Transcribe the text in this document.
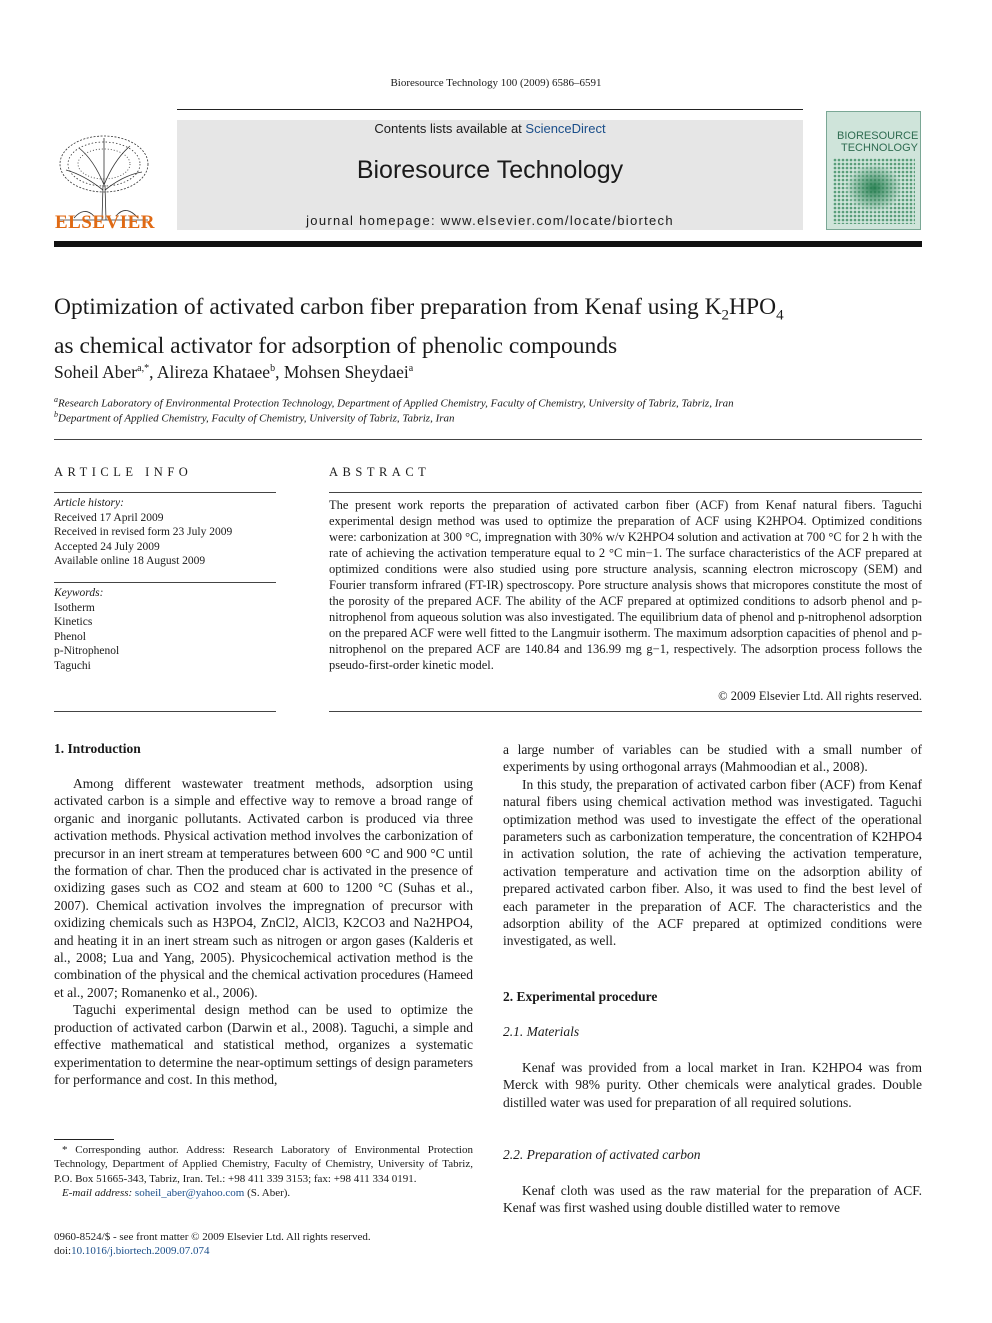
Bioresource Technology 100 (2009) 6586–6591
ELSEVIER
Contents lists available at ScienceDirect
Bioresource Technology
journal homepage: www.elsevier.com/locate/biortech
BIORESOURCE
TECHNOLOGY
Optimization of activated carbon fiber preparation from Kenaf using $K_2HPO_4$
as chemical activator for adsorption of phenolic compounds
Soheil Aber$^{a,*}$, Alireza Khataee$^b$, Mohsen Sheydaei$^a$
$^a$Research Laboratory of Environmental Protection Technology, Department of Applied Chemistry, Faculty of Chemistry, University of Tabriz, Tabriz, Iran
$^b$Department of Applied Chemistry, Faculty of Chemistry, University of Tabriz, Tabriz, Iran
ARTICLE INFO	ABSTRACT
Article history:
Received 17 April 2009
Received in revised form 23 July 2009
Accepted 24 July 2009
Available online 18 August 2009
Keywords:
Isotherm
Kinetics
Phenol
p-Nitrophenol
Taguchi
The present work reports the preparation of activated carbon fiber (ACF) from Kenaf natural fibers. Taguchi experimental design method was used to optimize the preparation of ACF using K2HPO4. Optimized conditions were: carbonization at 300 °C, impregnation with 30% w/v K2HPO4 solution and activation at 700 °C for 2 h with the rate of achieving the activation temperature equal to 2 °C min−1. The surface characteristics of the ACF prepared at optimized conditions were also studied using pore structure analysis, scanning electron microscopy (SEM) and Fourier transform infrared (FT-IR) spectroscopy. Pore structure analysis shows that micropores constitute the most of the porosity of the prepared ACF. The ability of the ACF prepared at optimized conditions to adsorb phenol and p-nitrophenol from aqueous solution was also investigated. The equilibrium data of phenol and p-nitrophenol adsorption on the prepared ACF were well fitted to the Langmuir isotherm. The maximum adsorption capacities of phenol and p-nitrophenol on the prepared ACF are 140.84 and 136.99 mg g−1, respectively. The adsorption process follows the pseudo-first-order kinetic model.
© 2009 Elsevier Ltd. All rights reserved.
1. Introduction

Among different wastewater treatment methods, adsorption using activated carbon is a simple and effective way to remove a broad range of organic and inorganic pollutants. Activated carbon is produced via three activation methods. Physical activation method involves the carbonization of precursor in an inert stream at temperatures between 600 °C and 900 °C until the formation of char. Then the produced char is activated in the presence of oxidizing gases such as CO2 and steam at 600 to 1200 °C (Suhas et al., 2007). Chemical activation involves the impregnation of precursor with oxidizing chemicals such as H3PO4, ZnCl2, AlCl3, K2CO3 and Na2HPO4, and heating it in an inert stream such as nitrogen or argon gases (Kalderis et al., 2008; Lua and Yang, 2005). Physicochemical activation method is the combination of the physical and the chemical activation procedures (Hameed et al., 2007; Romanenko et al., 2006).

Taguchi experimental design method can be used to optimize the production of activated carbon (Darwin et al., 2008). Taguchi, a simple and effective mathematical and statistical method, organizes a systematic experimentation to determine the near-optimum settings of design parameters for performance and cost. In this method,

a large number of variables can be studied with a small number of experiments by using orthogonal arrays (Mahmoodian et al., 2008).

In this study, the preparation of activated carbon fiber (ACF) from Kenaf natural fibers using chemical activation method was investigated. Taguchi optimization method was used to investigate the effect of the operational parameters such as carbonization temperature, the concentration of K2HPO4 in activation solution, the rate of achieving the activation temperature, activation temperature and activation time on the adsorption ability of prepared activated carbon fiber. Also, it was used to find the best level of each parameter in the preparation of ACF. The characteristics and the adsorption ability of the ACF prepared at optimized conditions were investigated, as well.

2. Experimental procedure
2.1. Materials

Kenaf was provided from a local market in Iran. K2HPO4 was from Merck with 98% purity. Other chemicals were analytical grades. Double distilled water was used for preparation of all required solutions.

2.2. Preparation of activated carbon

Kenaf cloth was used as the raw material for the preparation of ACF. Kenaf was first washed using double distilled water to remove

* Corresponding author. Address: Research Laboratory of Environmental Protection Technology, Department of Applied Chemistry, Faculty of Chemistry, University of Tabriz, P.O. Box 51665-343, Tabriz, Iran. Tel.: +98 411 339 3153; fax: +98 411 334 0191.
E-mail address: soheil_aber@yahoo.com (S. Aber).
0960-8524/$ - see front matter © 2009 Elsevier Ltd. All rights reserved.
doi:10.1016/j.biortech.2009.07.074
